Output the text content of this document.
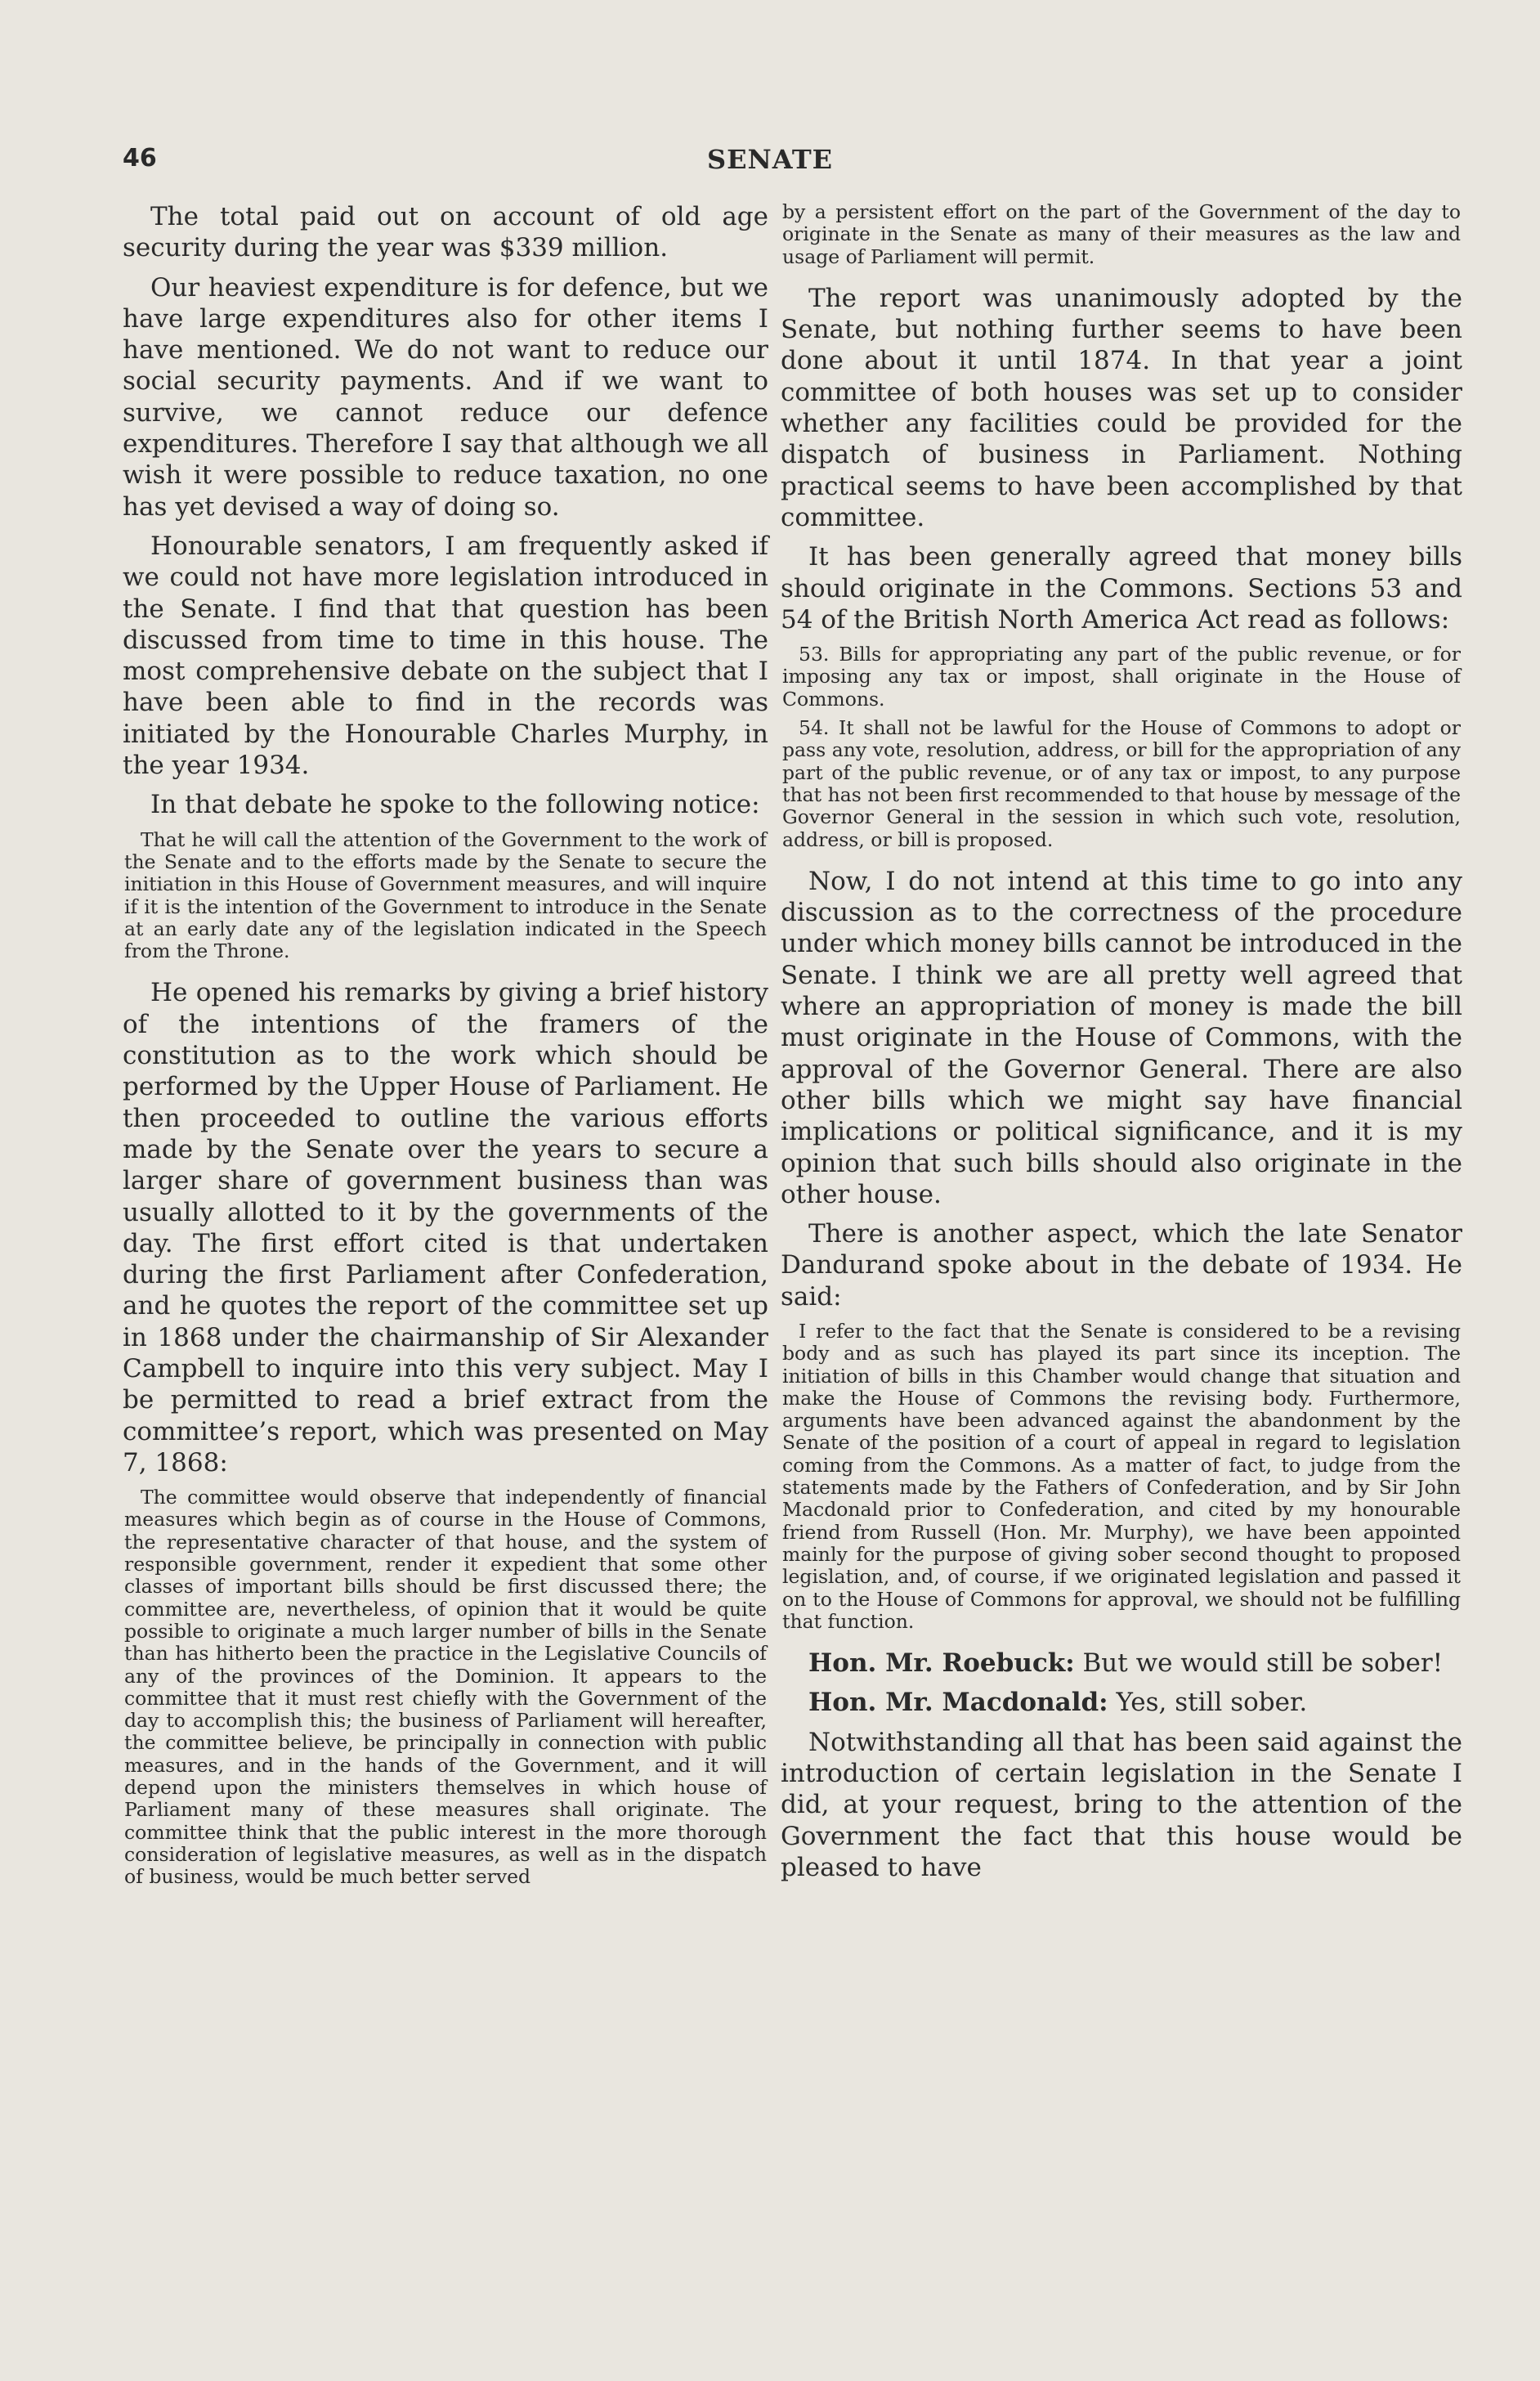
46	SENATE

The total paid out on account of old age security during the year was $339 million.

Our heaviest expenditure is for defence, but we have large expenditures also for other items I have mentioned. We do not want to reduce our social security payments. And if we want to survive, we cannot reduce our defence expenditures. Therefore I say that although we all wish it were possible to reduce taxation, no one has yet devised a way of doing so.

Honourable senators, I am frequently asked if we could not have more legislation introduced in the Senate. I find that that question has been discussed from time to time in this house. The most comprehensive debate on the subject that I have been able to find in the records was initiated by the Honourable Charles Murphy, in the year 1934.

In that debate he spoke to the following notice:

That he will call the attention of the Government to the work of the Senate and to the efforts made by the Senate to secure the initiation in this House of Government measures, and will inquire if it is the intention of the Government to introduce in the Senate at an early date any of the legislation indicated in the Speech from the Throne.

He opened his remarks by giving a brief history of the intentions of the framers of the constitution as to the work which should be performed by the Upper House of Parliament. He then proceeded to outline the various efforts made by the Senate over the years to secure a larger share of government business than was usually allotted to it by the governments of the day. The first effort cited is that undertaken during the first Parliament after Confederation, and he quotes the report of the committee set up in 1868 under the chairmanship of Sir Alexander Campbell to inquire into this very subject. May I be permitted to read a brief extract from the committee’s report, which was presented on May 7, 1868:

The committee would observe that independently of financial measures which begin as of course in the House of Commons, the representative character of that house, and the system of responsible government, render it expedient that some other classes of important bills should be first discussed there; the committee are, nevertheless, of opinion that it would be quite possible to originate a much larger number of bills in the Senate than has hitherto been the practice in the Legislative Councils of any of the provinces of the Dominion. It appears to the committee that it must rest chiefly with the Government of the day to accomplish this; the business of Parliament will hereafter, the committee believe, be principally in connection with public measures, and in the hands of the Government, and it will depend upon the ministers themselves in which house of Parliament many of these measures shall originate. The committee think that the public interest in the more thorough consideration of legislative measures, as well as in the dispatch of business, would be much better served

by a persistent effort on the part of the Government of the day to originate in the Senate as many of their measures as the law and usage of Parliament will permit.

The report was unanimously adopted by the Senate, but nothing further seems to have been done about it until 1874. In that year a joint committee of both houses was set up to consider whether any facilities could be provided for the dispatch of business in Parliament. Nothing practical seems to have been accomplished by that committee.

It has been generally agreed that money bills should originate in the Commons. Sections 53 and 54 of the British North America Act read as follows:

53. Bills for appropriating any part of the public revenue, or for imposing any tax or impost, shall originate in the House of Commons.

54. It shall not be lawful for the House of Commons to adopt or pass any vote, resolution, address, or bill for the appropriation of any part of the public revenue, or of any tax or impost, to any purpose that has not been first recommended to that house by message of the Governor General in the session in which such vote, resolution, address, or bill is proposed.

Now, I do not intend at this time to go into any discussion as to the correctness of the procedure under which money bills cannot be introduced in the Senate. I think we are all pretty well agreed that where an appropriation of money is made the bill must originate in the House of Commons, with the approval of the Governor General. There are also other bills which we might say have financial implications or political significance, and it is my opinion that such bills should also originate in the other house.

There is another aspect, which the late Senator Dandurand spoke about in the debate of 1934. He said:

I refer to the fact that the Senate is considered to be a revising body and as such has played its part since its inception. The initiation of bills in this Chamber would change that situation and make the House of Commons the revising body. Furthermore, arguments have been advanced against the abandonment by the Senate of the position of a court of appeal in regard to legislation coming from the Commons. As a matter of fact, to judge from the statements made by the Fathers of Confederation, and by Sir John Macdonald prior to Confederation, and cited by my honourable friend from Russell (Hon. Mr. Murphy), we have been appointed mainly for the purpose of giving sober second thought to proposed legislation, and, of course, if we originated legislation and passed it on to the House of Commons for approval, we should not be fulfilling that function.

Hon. Mr. Roebuck: But we would still be sober!

Hon. Mr. Macdonald: Yes, still sober.

Notwithstanding all that has been said against the introduction of certain legislation in the Senate I did, at your request, bring to the attention of the Government the fact that this house would be pleased to have
